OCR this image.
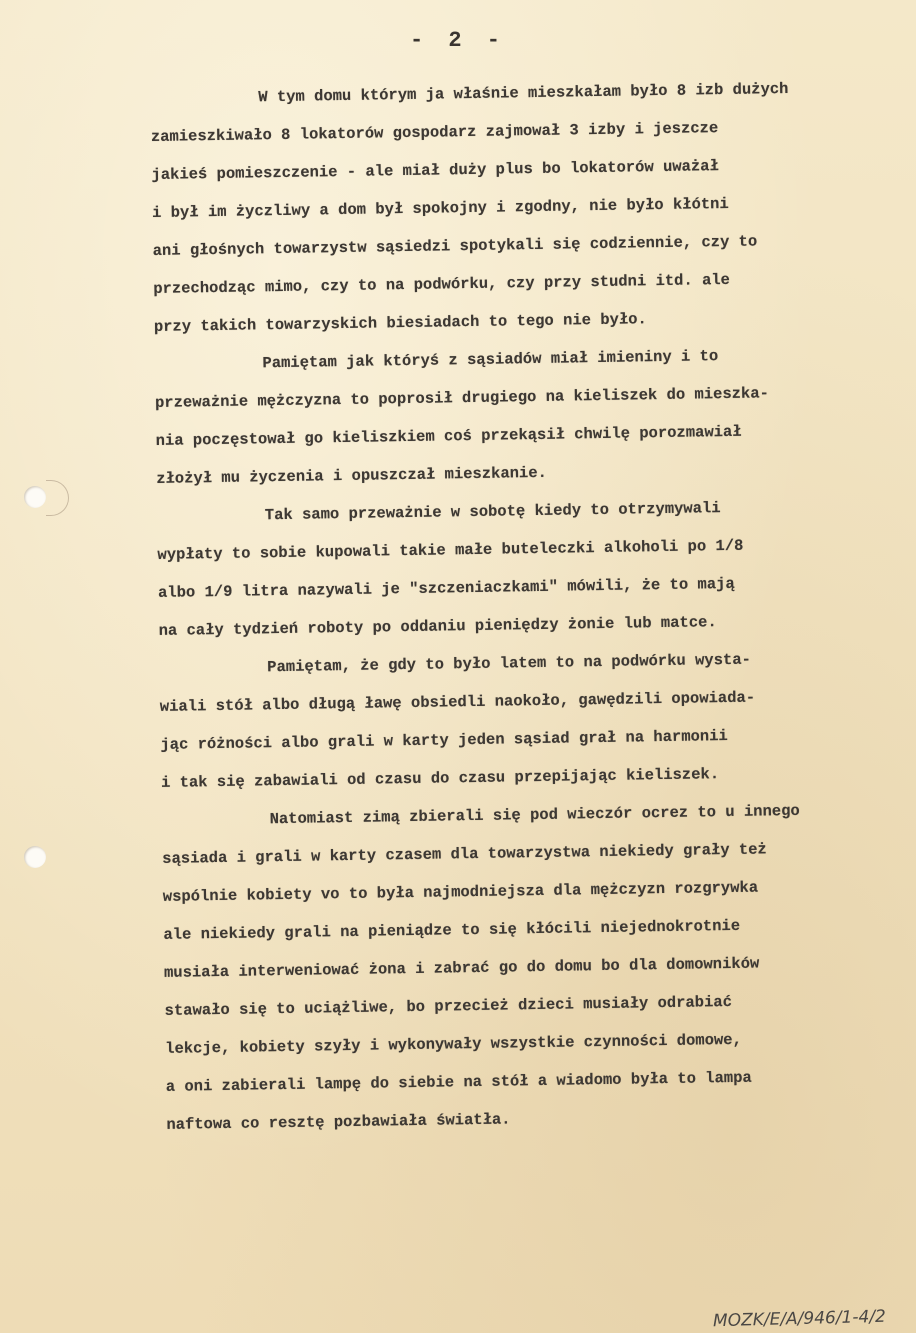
- 2 -
W tym domu którym ja właśnie mieszkałam było 8 izb dużych
zamieszkiwało 8 lokatorów gospodarz zajmował 3 izby i jeszcze
jakieś pomieszczenie - ale miał duży plus bo lokatorów uważał
i był im życzliwy a dom był spokojny i zgodny, nie było kłótni
ani głośnych towarzystw sąsiedzi spotykali się codziennie, czy to
przechodząc mimo, czy to na podwórku, czy przy studni itd. ale
przy takich towarzyskich biesiadach to tego nie było.
Pamiętam jak któryś z sąsiadów miał imieniny i to
przeważnie mężczyzna to poprosił drugiego na kieliszek do mieszka-
nia poczęstował go kieliszkiem coś przekąsił chwilę porozmawiał
złożył mu życzenia i opuszczał mieszkanie.
Tak samo przeważnie w sobotę kiedy to otrzymywali
wypłaty to sobie kupowali takie małe buteleczki alkoholi po 1/8
albo 1/9 litra nazywali je "szczeniaczkami" mówili, że to mają
na cały tydzień roboty po oddaniu pieniędzy żonie lub matce.
Pamiętam, że gdy to było latem to na podwórku wysta-
wiali stół albo długą ławę obsiedli naokoło, gawędzili opowiada-
jąc różności albo grali w karty jeden sąsiad grał na harmonii
i tak się zabawiali od czasu do czasu przepijając kieliszek.
Natomiast zimą zbierali się pod wieczór ocrez to u innego
sąsiada i grali w karty czasem dla towarzystwa niekiedy grały też
wspólnie kobiety vo to była najmodniejsza dla mężczyzn rozgrywka
ale niekiedy grali na pieniądze to się kłócili niejednokrotnie
musiała interweniować żona i zabrać go do domu bo dla domowników
stawało się to uciążliwe, bo przecież dzieci musiały odrabiać
lekcje, kobiety szyły i wykonywały wszystkie czynności domowe,
a oni zabierali lampę do siebie na stół a wiadomo była to lampa
naftowa co resztę pozbawiała światła.
MOZK/E/A/946/1-4/2
